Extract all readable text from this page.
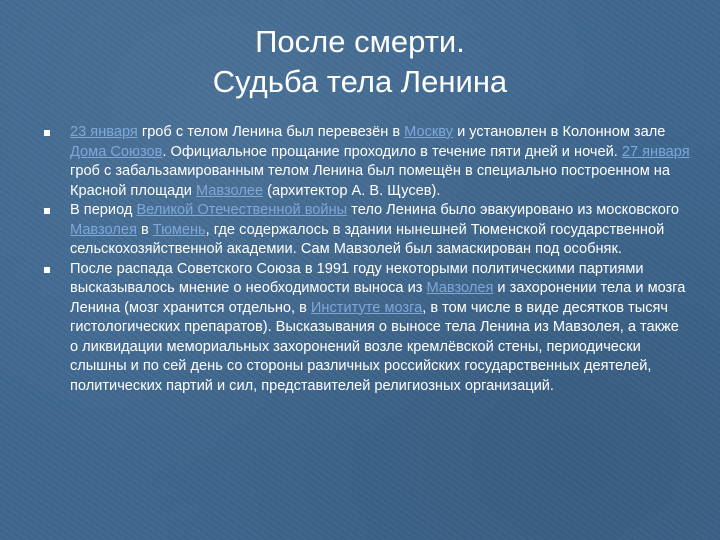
После смерти.
Судьба тела Ленина
23 января гроб с телом Ленина был перевезён в Москву и установлен в Колонном зале Дома Союзов. Официальное прощание проходило в течение пяти дней и ночей. 27 января гроб с забальзамированным телом Ленина был помещён в специально построенном на Красной площади Мавзолее (архитектор А. В. Щусев).
В период Великой Отечественной войны тело Ленина было эвакуировано из московского Мавзолея в Тюмень, где содержалось в здании нынешней Тюменской государственной сельскохозяйственной академии. Сам Мавзолей был замаскирован под особняк.
После распада Советского Союза в 1991 году некоторыми политическими партиями высказывалось мнение о необходимости выноса из Мавзолея и захоронении тела и мозга Ленина (мозг хранится отдельно, в Институте мозга, в том числе в виде десятков тысяч гистологических препаратов). Высказывания о выносе тела Ленина из Мавзолея, а также о ликвидации мемориальных захоронений возле кремлёвской стены, периодически слышны и по сей день со стороны различных российских государственных деятелей, политических партий и сил, представителей религиозных организаций.
